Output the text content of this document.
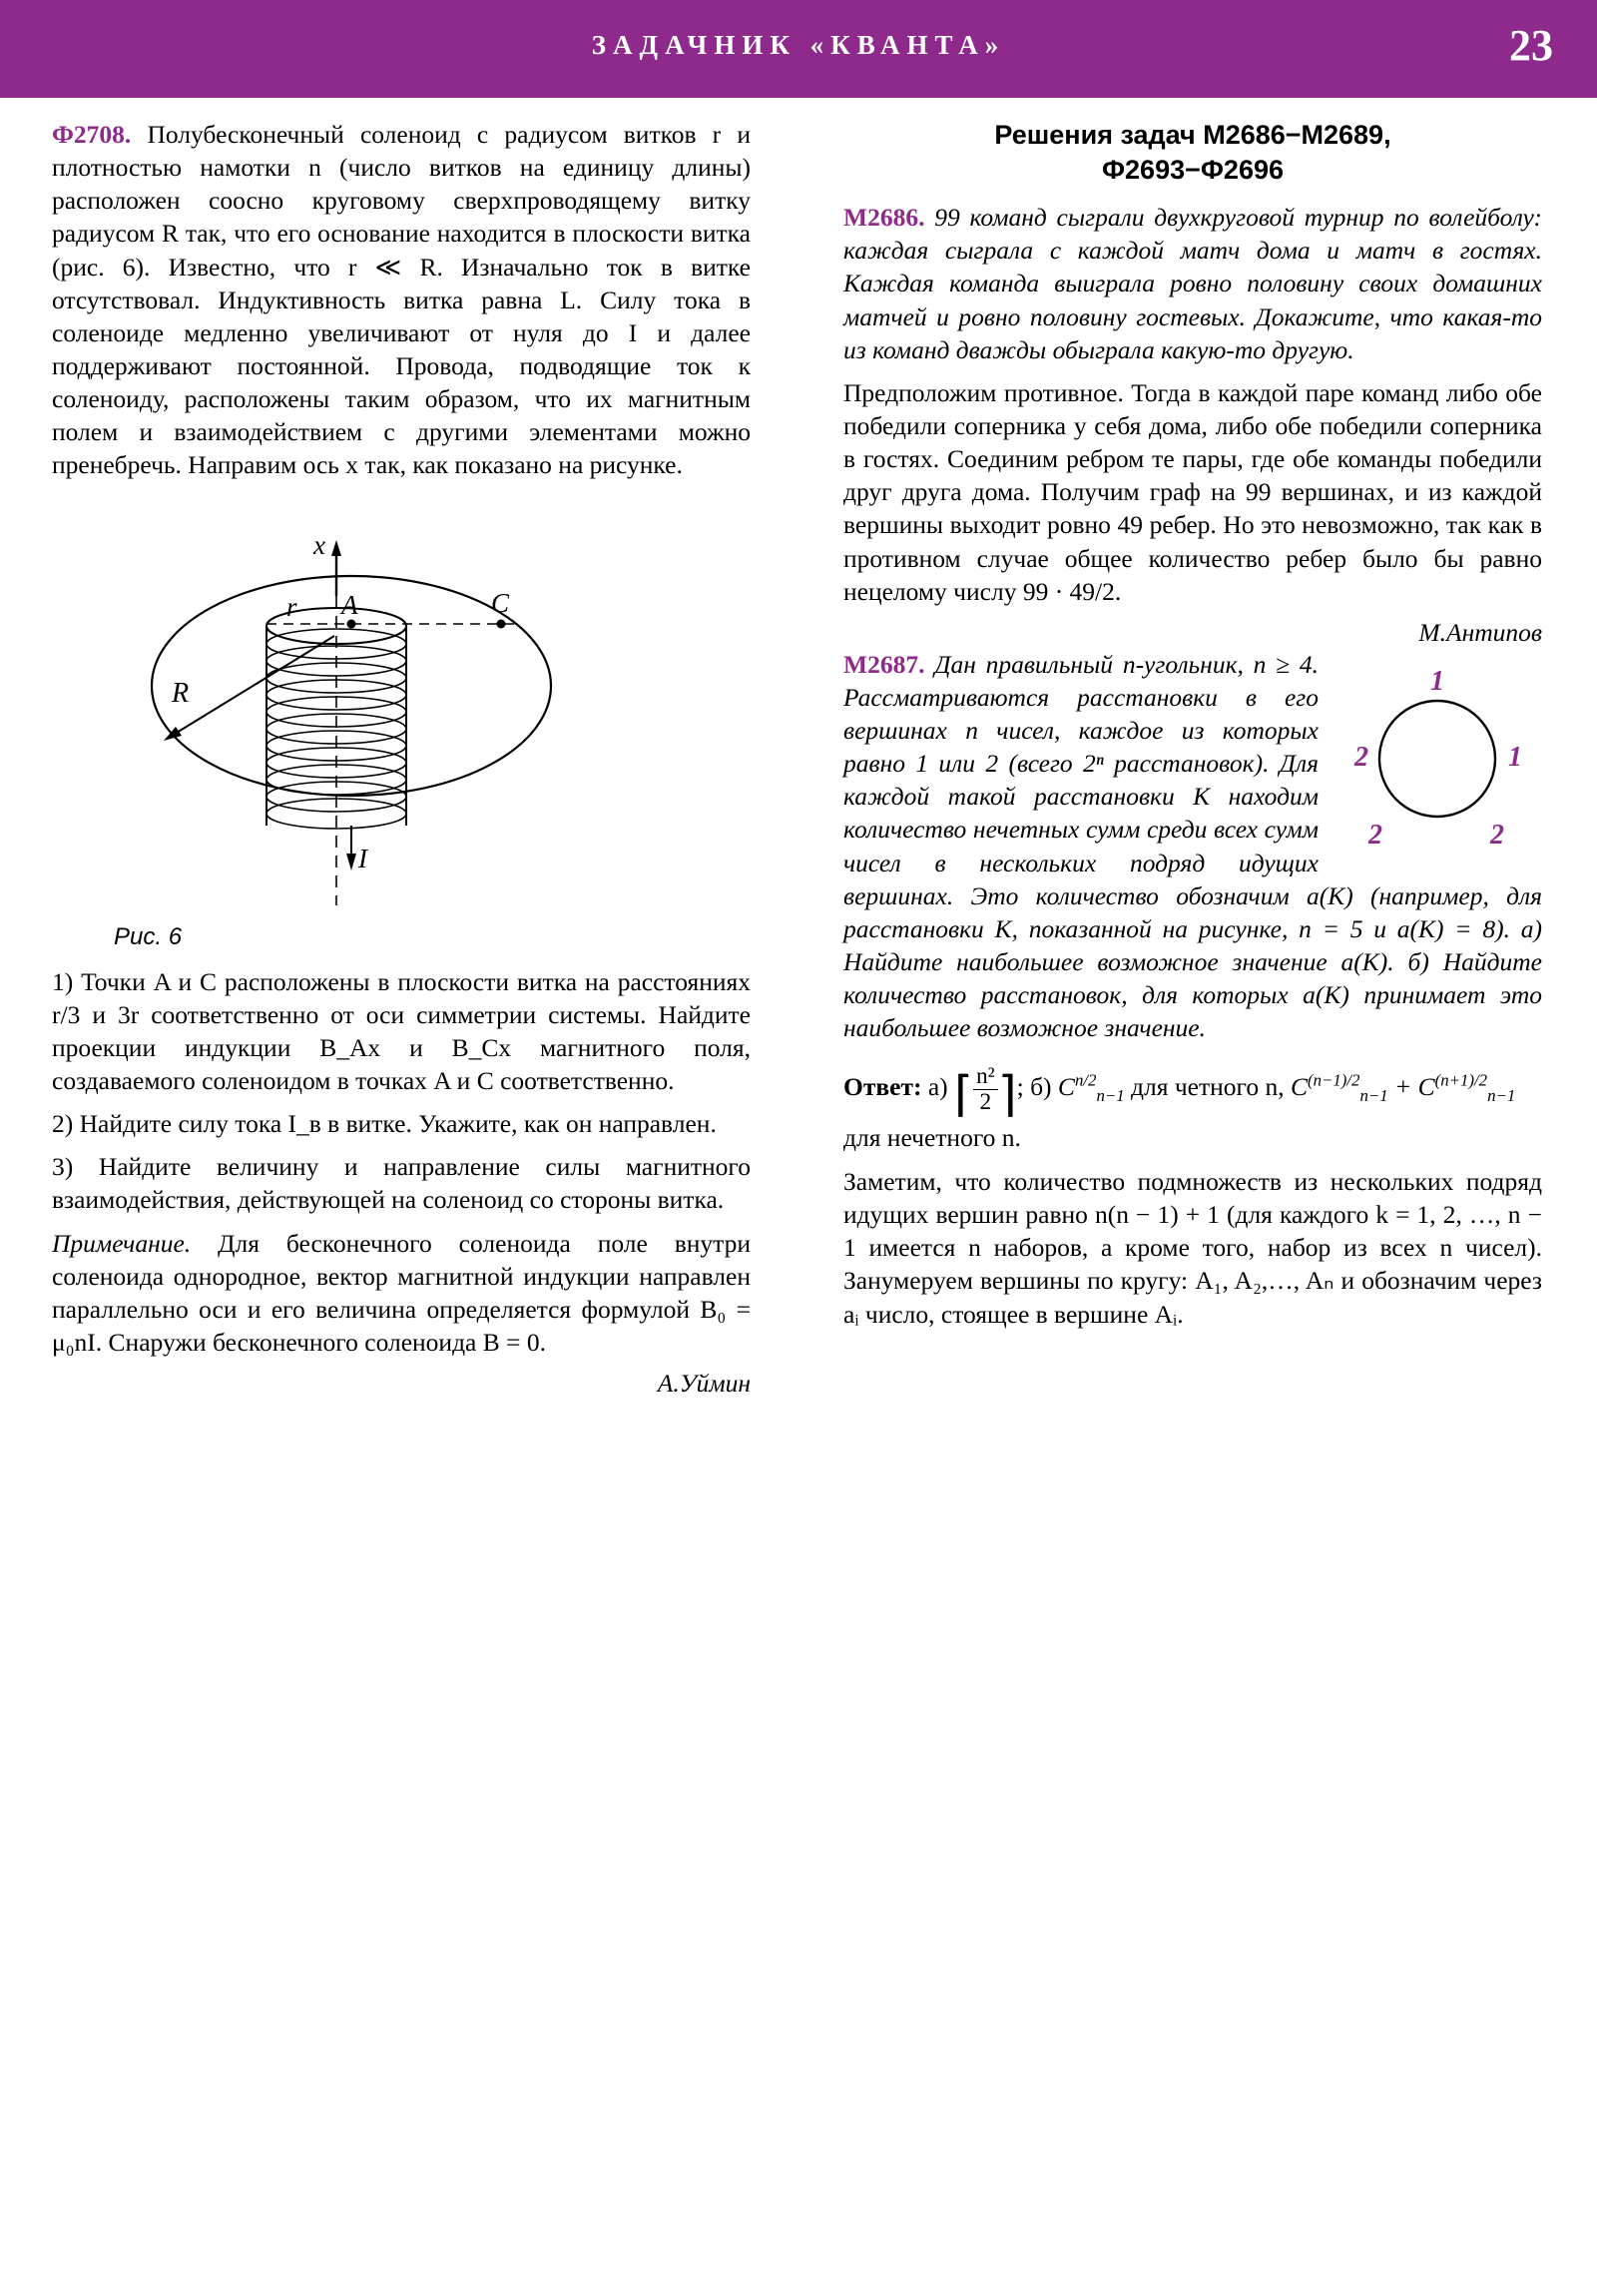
ЗАДАЧНИК «КВАНТА»	23

Ф2708. Полубесконечный соленоид с радиусом витков r и плотностью намотки n (число витков на единицу длины) расположен соосно круговому сверхпроводящему витку радиусом R так, что его основание находится в плоскости витка (рис. 6). Известно, что r ≪ R. Изначально ток в витке отсутствовал. Индуктивность витка равна L. Силу тока в соленоиде медленно увеличивают от нуля до I и далее поддерживают постоянной. Провода, подводящие ток к соленоиду, расположены таким образом, что их магнитным полем и взаимодействием с другими элементами можно пренебречь. Направим ось x так, как показано на рисунке.

x
A
r	C
R
I
Рис. 6

1) Точки A и C расположены в плоскости витка на расстояниях r/3 и 3r соответственно от оси симметрии системы. Найдите проекции индукции B_Ax и B_Cx магнитного поля, создаваемого соленоидом в точках A и C соответственно.

2) Найдите силу тока I_в в витке. Укажите, как он направлен.

3) Найдите величину и направление силы магнитного взаимодействия, действующей на соленоид со стороны витка.

Примечание. Для бесконечного соленоида поле внутри соленоида однородное, вектор магнитной индукции направлен параллельно оси и его величина определяется формулой B₀ = μ₀nI. Снаружи бесконечного соленоида B = 0.

А.Уймин
Решения задач М2686−М2689,
Ф2693−Ф2696

М2686. 99 команд сыграли двухкруговой турнир по волейболу: каждая сыграла с каждой матч дома и матч в гостях. Каждая команда выиграла ровно половину своих домашних матчей и ровно половину гостевых. Докажите, что какая-то из команд дважды обыграла какую-то другую.

Предположим противное. Тогда в каждой паре команд либо обе победили соперника у себя дома, либо обе победили соперника в гостях. Соединим ребром те пары, где обе команды победили друг друга дома. Получим граф на 99 вершинах, и из каждой вершины выходит ровно 49 ребер. Но это невозможно, так как в противном случае общее количество ребер было бы равно нецелому числу 99 · 49/2.

М.Антипов

1
2	1
2	2
М2687. Дан правильный n-угольник, n ≥ 4. Рассматриваются расстановки в его вершинах n чисел, каждое из которых равно 1 или 2 (всего 2ⁿ расстановок). Для каждой такой расстановки K находим количество нечетных сумм среди всех сумм чисел в нескольких подряд идущих вершинах. Это количество обозначим a(K) (например, для расстановки K, показанной на рисунке, n = 5 и a(K) = 8). а) Найдите наибольшее возможное значение a(K). б) Найдите количество расстановок, для которых a(K) принимает это наибольшее возможное значение.

Ответ: а) ⌈ $\frac{\text{n²}}{2}$ ⌉; б) $C^{n/2}_{n-1}$ для четного n, $C^{(n-1)/2}_{n-1} + C^{(n+1)/2}_{n-1}$ для нечетного n.

Заметим, что количество подмножеств из нескольких подряд идущих вершин равно n(n − 1) + 1 (для каждого k = 1, 2, …, n − 1 имеется n наборов, а кроме того, набор из всех n чисел). Занумеруем вершины по кругу: A₁, A₂,…, Aₙ и обозначим через aᵢ число, стоящее в вершине Aᵢ.
